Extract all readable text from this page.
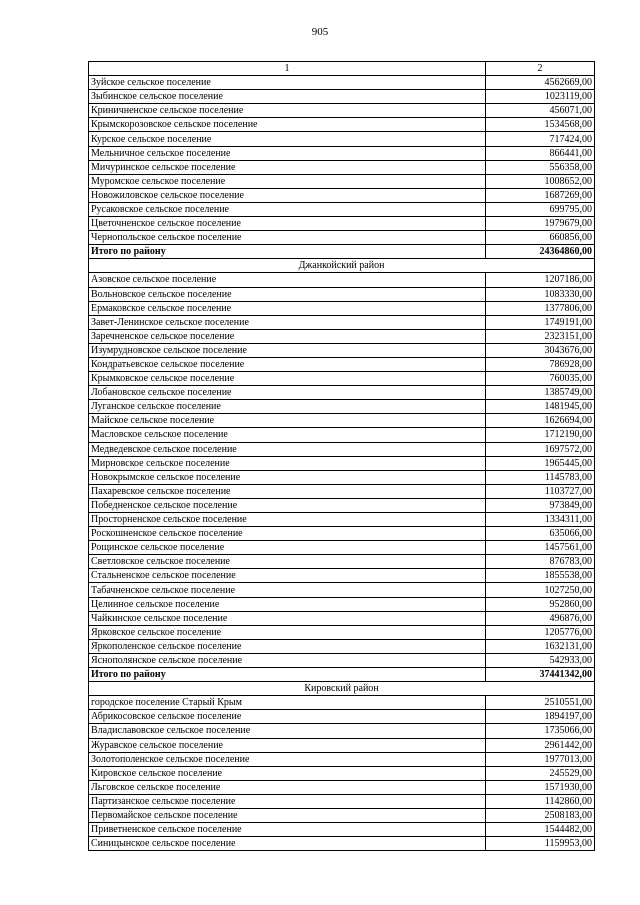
905
1	2
Зуйское сельское поселение	4562669,00
Зыбинское сельское поселение	1023119,00
Криничненское сельское поселение	456071,00
Крымскорозовское сельское поселение	1534568,00
Курское сельское поселение	717424,00
Мельничное сельское поселение	866441,00
Мичуринское сельское поселение	556358,00
Муромское сельское поселение	1008652,00
Новожиловское сельское поселение	1687269,00
Русаковское сельское поселение	699795,00
Цветочненское сельское поселение	1979679,00
Чернопольское сельское поселение	660856,00
Итого по району	24364860,00
Джанкойский район	
Азовское сельское поселение	1207186,00
Вольновское сельское поселение	1083330,00
Ермаковское сельское поселение	1377806,00
Завет-Ленинское сельское поселение	1749191,00
Заречненское сельское поселение	2323151,00
Изумрудновское сельское поселение	3043676,00
Кондратьевское сельское поселение	786928,00
Крымковское сельское поселение	760035,00
Лобановское сельское поселение	1385749,00
Луганское сельское поселение	1481945,00
Майское сельское поселение	1626694,00
Масловское сельское поселение	1712190,00
Медведевское сельское поселение	1697572,00
Мирновское сельское поселение	1965445,00
Новокрымское сельское поселение	1145783,00
Пахаревское сельское поселение	1103727,00
Победненское сельское поселение	973849,00
Просторненское сельское поселение	1334311,00
Роскошненское сельское поселение	635066,00
Рощинское сельское поселение	1457561,00
Светловское сельское поселение	876783,00
Стальненское сельское поселение	1855538,00
Табачненское сельское поселение	1027250,00
Целинное сельское поселение	952860,00
Чайкинское сельское поселение	496876,00
Ярковское сельское поселение	1205776,00
Яркополенское сельское поселение	1632131,00
Яснополянское сельское поселение	542933,00
Итого по району	37441342,00
Кировский район	
городское поселение Старый Крым	2510551,00
Абрикосовское сельское поселение	1894197,00
Владиславовское сельское поселение	1735066,00
Журавское сельское поселение	2961442,00
Золотополенское сельское поселение	1977013,00
Кировское сельское поселение	245529,00
Льговское сельское поселение	1571930,00
Партизанское сельское поселение	1142860,00
Первомайское сельское поселение	2508183,00
Приветненское сельское поселение	1544482,00
Синицынское сельское поселение	1159953,00
